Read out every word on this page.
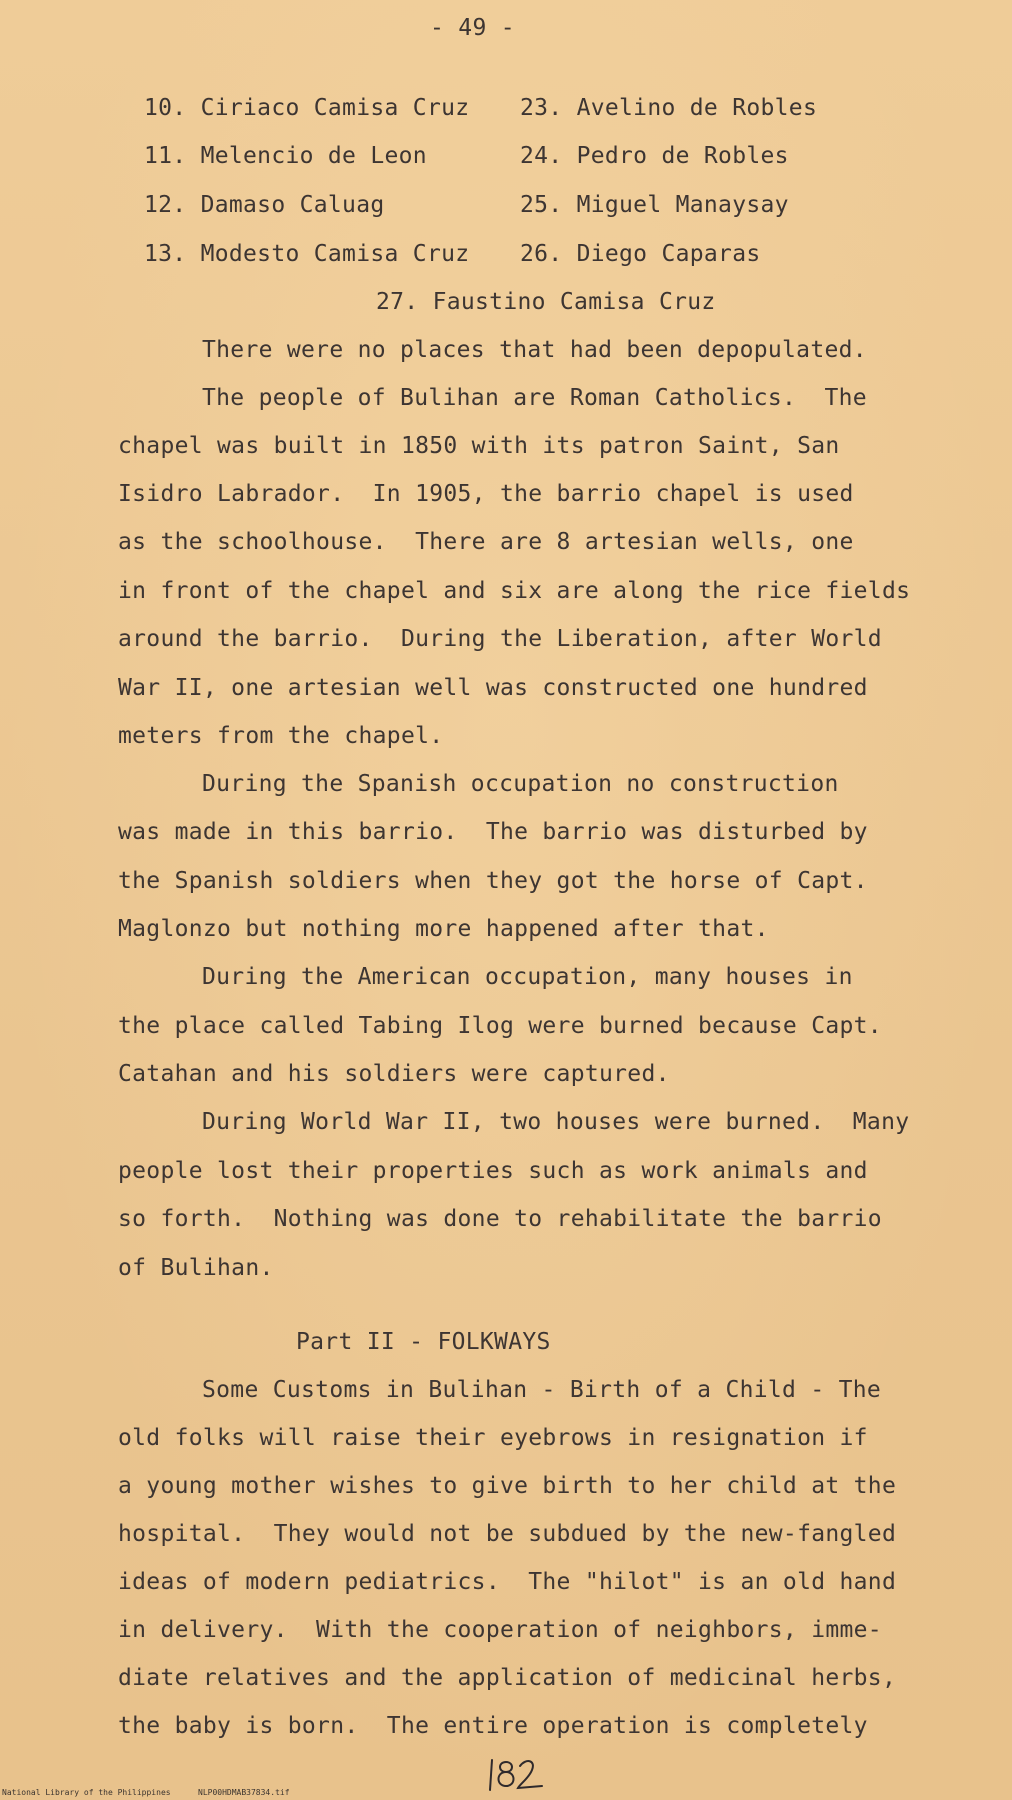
- 49 -
10. Ciriaco Camisa Cruz 23. Avelino de Robles
11. Melencio de Leon	24. Pedro de Robles
12. Damaso Caluag	25. Miguel Manaysay
13. Modesto Camisa Cruz 26. Diego Caparas
27. Faustino Camisa Cruz
There were no places that had been depopulated.
The people of Bulihan are Roman Catholics.  The
chapel was built in 1850 with its patron Saint, San
Isidro Labrador.  In 1905, the barrio chapel is used
as the schoolhouse.  There are 8 artesian wells, one
in front of the chapel and six are along the rice fields
around the barrio.  During the Liberation, after World
War II, one artesian well was constructed one hundred
meters from the chapel.
During the Spanish occupation no construction
was made in this barrio.  The barrio was disturbed by
the Spanish soldiers when they got the horse of Capt.
Maglonzo but nothing more happened after that.
During the American occupation, many houses in
the place called Tabing Ilog were burned because Capt.
Catahan and his soldiers were captured.
During World War II, two houses were burned.  Many
people lost their properties such as work animals and
so forth.  Nothing was done to rehabilitate the barrio
of Bulihan.
Part II - FOLKWAYS
Some Customs in Bulihan - Birth of a Child - The
old folks will raise their eyebrows in resignation if
a young mother wishes to give birth to her child at the
hospital.  They would not be subdued by the new-fangled
ideas of modern pediatrics.  The "hilot" is an old hand
in delivery.  With the cooperation of neighbors, imme-
diate relatives and the application of medicinal herbs,
the baby is born.  The entire operation is completely
National Library of the Philippines	NLP00HDMAB37834.tif
